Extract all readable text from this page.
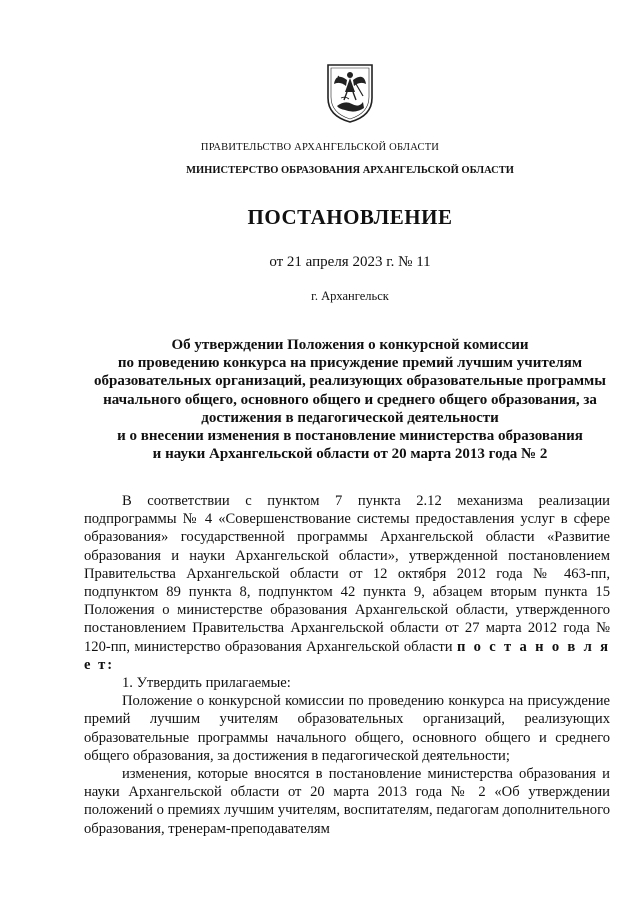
ПРАВИТЕЛЬСТВО АРХАНГЕЛЬСКОЙ ОБЛАСТИ
МИНИСТЕРСТВО ОБРАЗОВАНИЯ АРХАНГЕЛЬСКОЙ ОБЛАСТИ
ПОСТАНОВЛЕНИЕ
от 21 апреля 2023 г. № 11
г. Архангельск
Об утверждении Положения о конкурсной комиссии
по проведению конкурса на присуждение премий лучшим учителям
образовательных организаций, реализующих образовательные программы
начального общего, основного общего и среднего общего образования, за
достижения в педагогической деятельности
и о внесении изменения в постановление министерства образования
и науки Архангельской области от 20 марта 2013 года № 2

В соответствии с пунктом 7 пункта 2.12 механизма реализации подпрограммы № 4 «Совершенствование системы предоставления услуг в сфере образования» государственной программы Архангельской области «Развитие образования и науки Архангельской области», утвержденной постановлением Правительства Архангельской области от 12 октября 2012 года № 463-пп, подпунктом 89 пункта 8, подпунктом 42 пункта 9, абзацем вторым пункта 15 Положения о министерстве образования Архангельской области, утвержденного постановлением Правительства Архангельской области от 27 марта 2012 года № 120-пп, министерство образования Архангельской области п о с т а н о в л я е т:

1. Утвердить прилагаемые:

Положение о конкурсной комиссии по проведению конкурса на присуждение премий лучшим учителям образовательных организаций, реализующих образовательные программы начального общего, основного общего и среднего общего образования, за достижения в педагогической деятельности;

изменения, которые вносятся в постановление министерства образования и науки Архангельской области от 20 марта 2013 года № 2 «Об утверждении положений о премиях лучшим учителям, воспитателям, педагогам дополнительного образования, тренерам-преподавателям
